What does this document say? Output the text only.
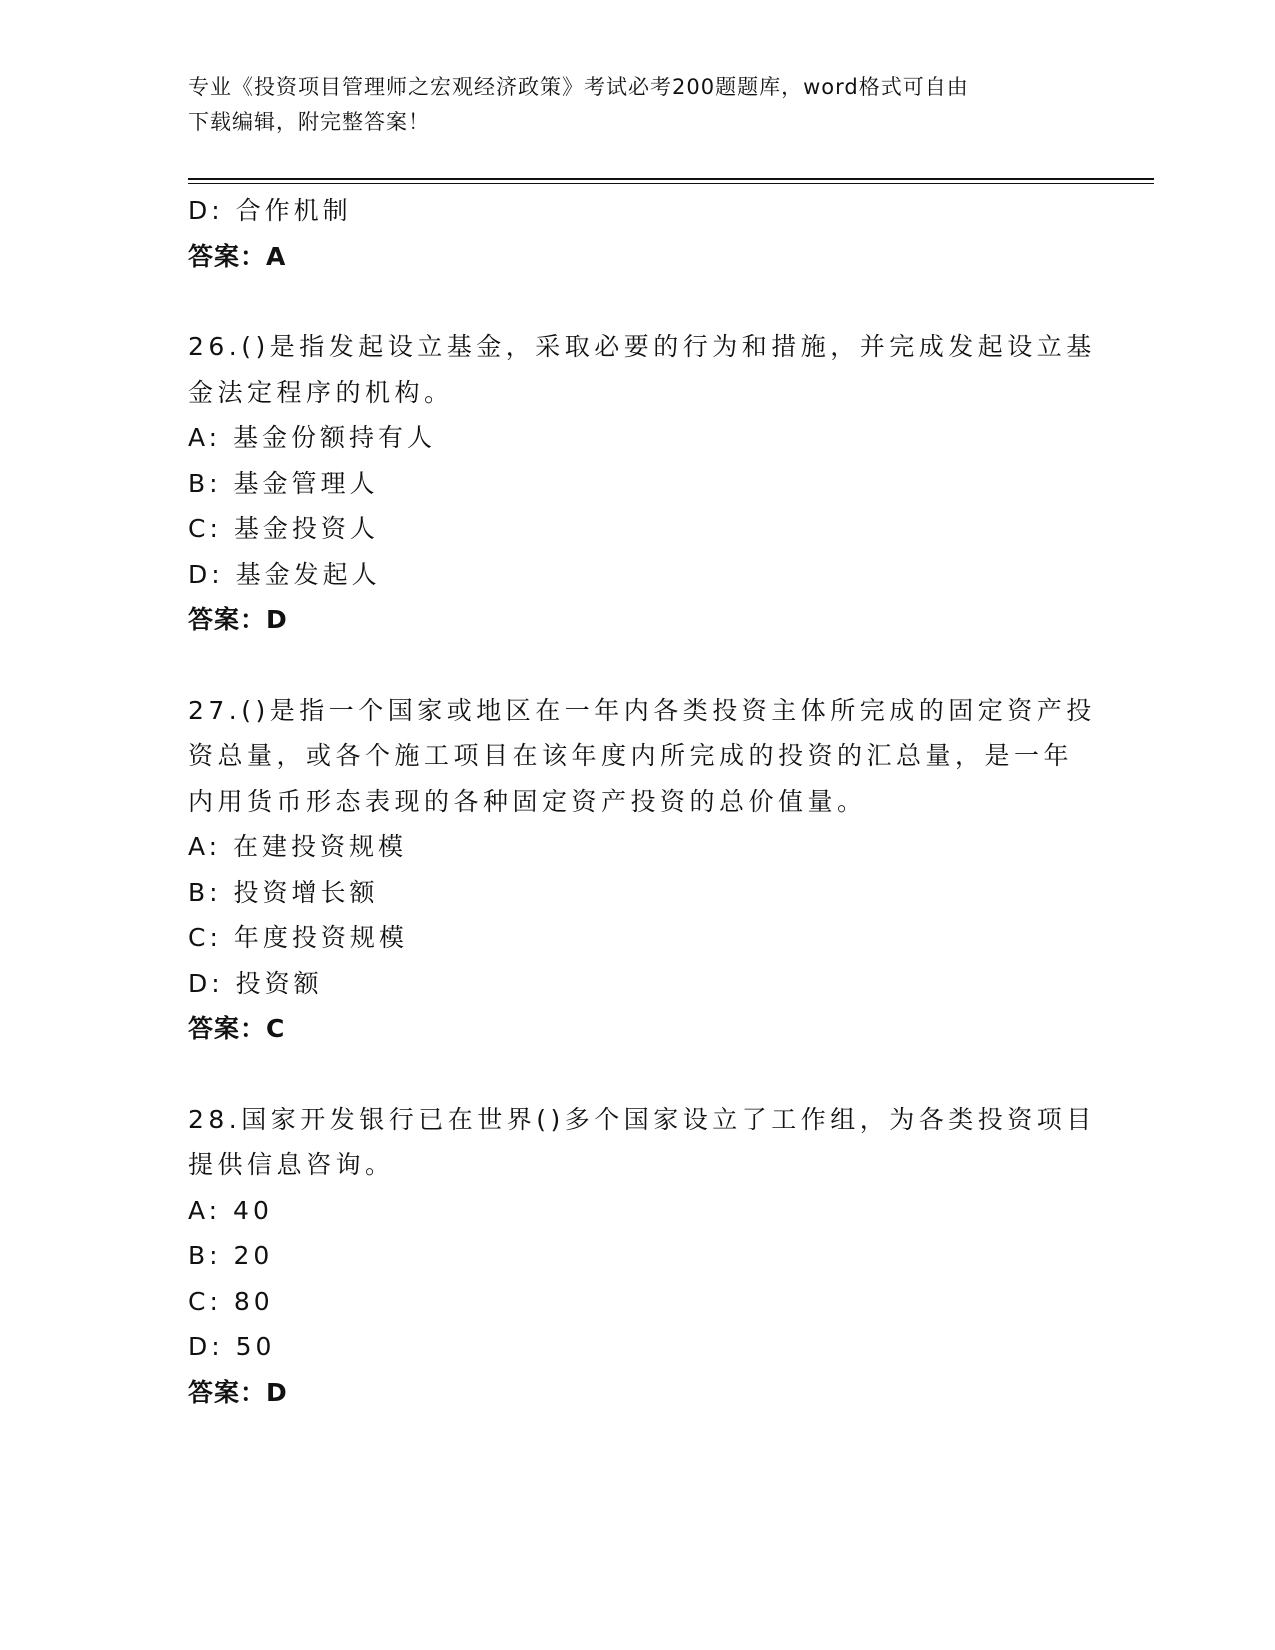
专业《投资项目管理师之宏观经济政策》考试必考200题题库，word格式可自由
下载编辑，附完整答案！
D: 合作机制
答案：A
26.()是指发起设立基金，采取必要的行为和措施，并完成发起设立基
金法定程序的机构。
A: 基金份额持有人
B: 基金管理人
C: 基金投资人
D: 基金发起人
答案：D
27.()是指一个国家或地区在一年内各类投资主体所完成的固定资产投
资总量，或各个施工项目在该年度内所完成的投资的汇总量，是一年
内用货币形态表现的各种固定资产投资的总价值量。
A: 在建投资规模
B: 投资增长额
C: 年度投资规模
D: 投资额
答案：C
28.国家开发银行已在世界()多个国家设立了工作组，为各类投资项目
提供信息咨询。
A: 40
B: 20
C: 80
D: 50
答案：D
